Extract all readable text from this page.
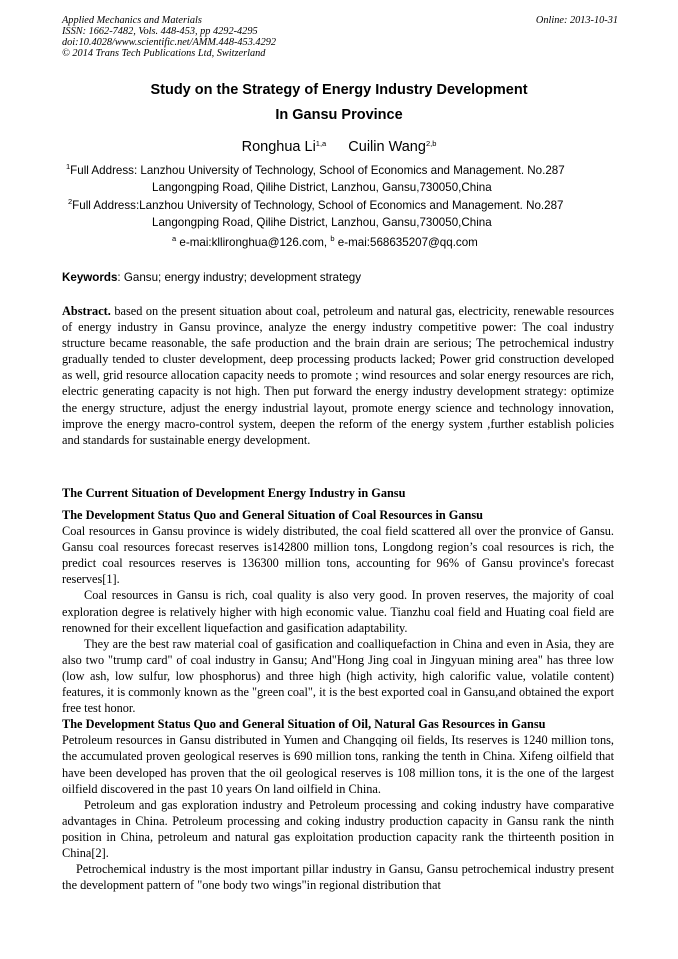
Applied Mechanics and Materials
ISSN: 1662-7482, Vols. 448-453, pp 4292-4295
doi:10.4028/www.scientific.net/AMM.448-453.4292
© 2014 Trans Tech Publications Ltd, Switzerland
Online: 2013-10-31
Study on the Strategy of Energy Industry Development
In Gansu Province
Ronghua Li$^{1,a}$ Cuilin Wang$^{2,b}$
$^1$Full Address: Lanzhou University of Technology, School of Economics and Management. No.287
Langongping Road, Qilihe District, Lanzhou, Gansu,730050,China
$^2$Full Address:Lanzhou University of Technology, School of Economics and Management. No.287
Langongping Road, Qilihe District, Lanzhou, Gansu,730050,China
$^a$ e-mai:kllironghua@126.com, $^b$ e-mai:568635207@qq.com
Keywords: Gansu; energy industry; development strategy

Abstract. based on the present situation about coal, petroleum and natural gas, electricity, renewable resources of energy industry in Gansu province, analyze the energy industry competitive power: The coal industry structure became reasonable, the safe production and the brain drain are serious; The petrochemical industry gradually tended to cluster development, deep processing products lacked; Power grid construction developed as well, grid resource allocation capacity needs to promote ; wind resources and solar energy resources are rich, electric generating capacity is not high. Then put forward the energy industry development strategy: optimize the energy structure, adjust the energy industrial layout, promote energy science and technology innovation, improve the energy macro-control system, deepen the reform of the energy system ,further establish policies and standards for sustainable energy development.

The Current Situation of Development Energy Industry in Gansu

The Development Status Quo and General Situation of Coal Resources in Gansu

Coal resources in Gansu province is widely distributed, the coal field scattered all over the pronvice of Gansu. Gansu coal resources forecast reserves is142800 million tons, Longdong region’s coal resources is rich, the predict coal resources reserves is 136300 million tons, accounting for 96% of Gansu province's forecast reserves[1].

Coal resources in Gansu is rich, coal quality is also very good. In proven reserves, the majority of coal exploration degree is relatively higher with high economic value. Tianzhu coal field and Huating coal field are renowned for their excellent liquefaction and gasification adaptability.

They are the best raw material coal of gasification and coalliquefaction in China and even in Asia, they are also two "trump card" of coal industry in Gansu; And"Hong Jing coal in Jingyuan mining area" has three low (low ash, low sulfur, low phosphorus) and three high (high activity, high calorific value, volatile content) features, it is commonly known as the "green coal", it is the best exported coal in Gansu,and obtained the export free test honor.

The Development Status Quo and General Situation of Oil, Natural Gas Resources in Gansu

Petroleum resources in Gansu distributed in Yumen and Changqing oil fields, Its reserves is 1240 million tons, the accumulated proven geological reserves is 690 million tons, ranking the tenth in China. Xifeng oilfield that have been developed has proven that the oil geological reserves is 108 million tons, it is the one of the largest oilfield discovered in the past 10 years On land oilfield in China.

Petroleum and gas exploration industry and Petroleum processing and coking industry have comparative advantages in China. Petroleum processing and coking industry production capacity in Gansu rank the ninth position in China, petroleum and natural gas exploitation production capacity rank the thirteenth position in China[2].

Petrochemical industry is the most important pillar industry in Gansu, Gansu petrochemical industry present the development pattern of "one body two wings"in regional distribution that
